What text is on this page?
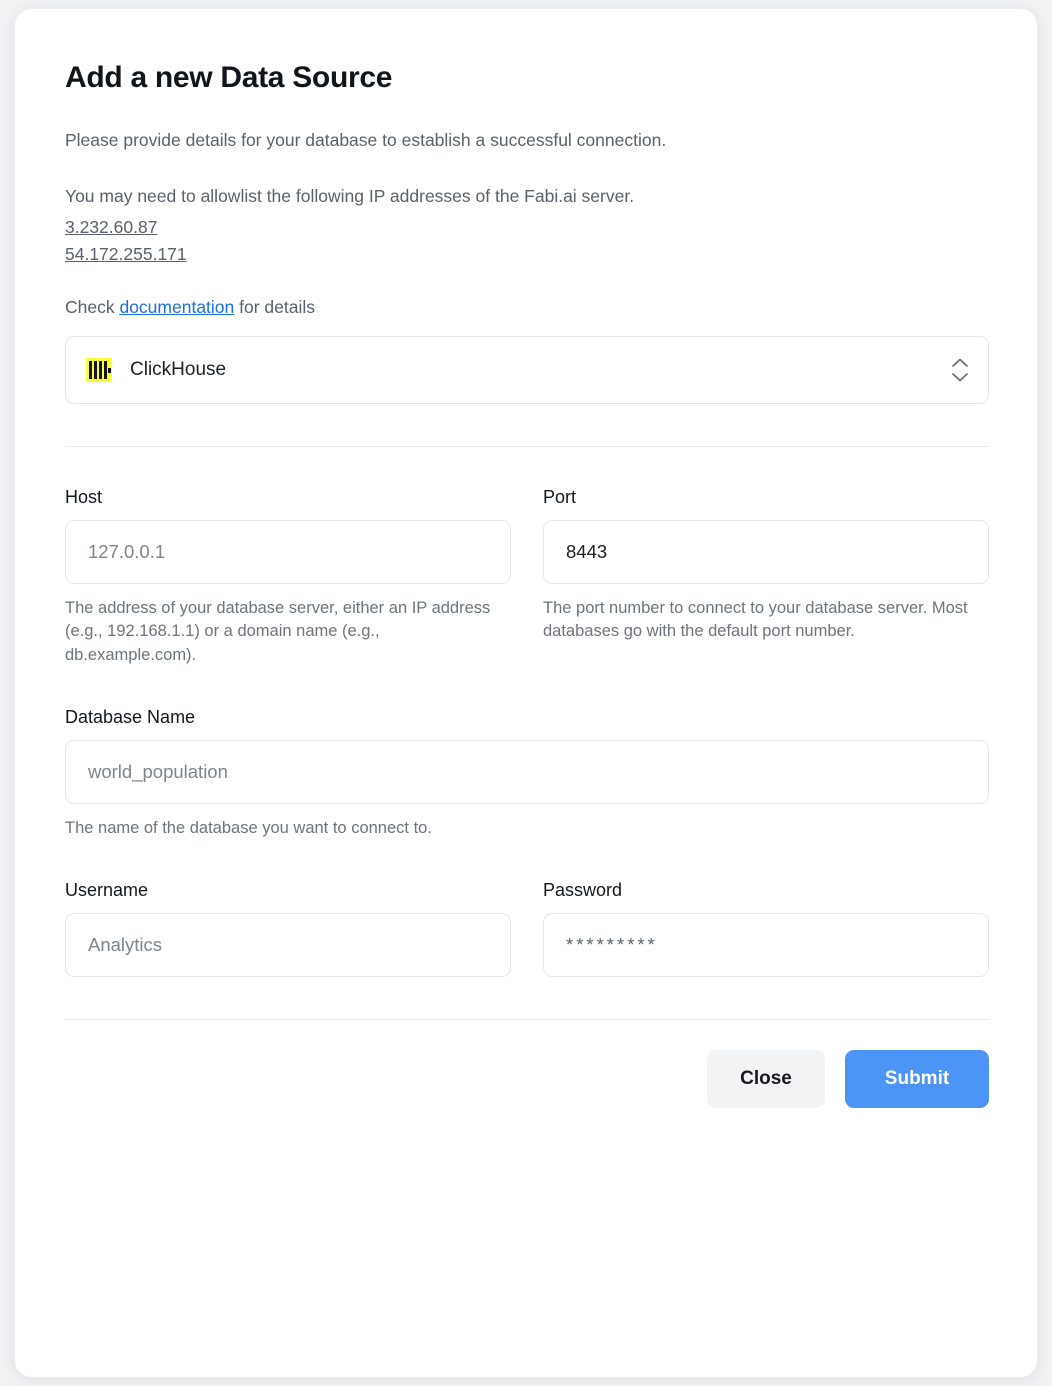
Add a new Data Source

Please provide details for your database to establish a successful connection.

You may need to allowlist the following IP addresses of the Fabi.ai server.

3.232.60.87
54.172.255.171

Check documentation for details

ClickHouse
Host
127.0.0.1
The address of your database server, either an IP address (e.g., 192.168.1.1) or a domain name (e.g., db.example.com).
Port
8443
The port number to connect to your database server. Most databases go with the default port number.
Database Name
world_population
The name of the database you want to connect to.
Username
Analytics	Password
*********
Close	Submit
